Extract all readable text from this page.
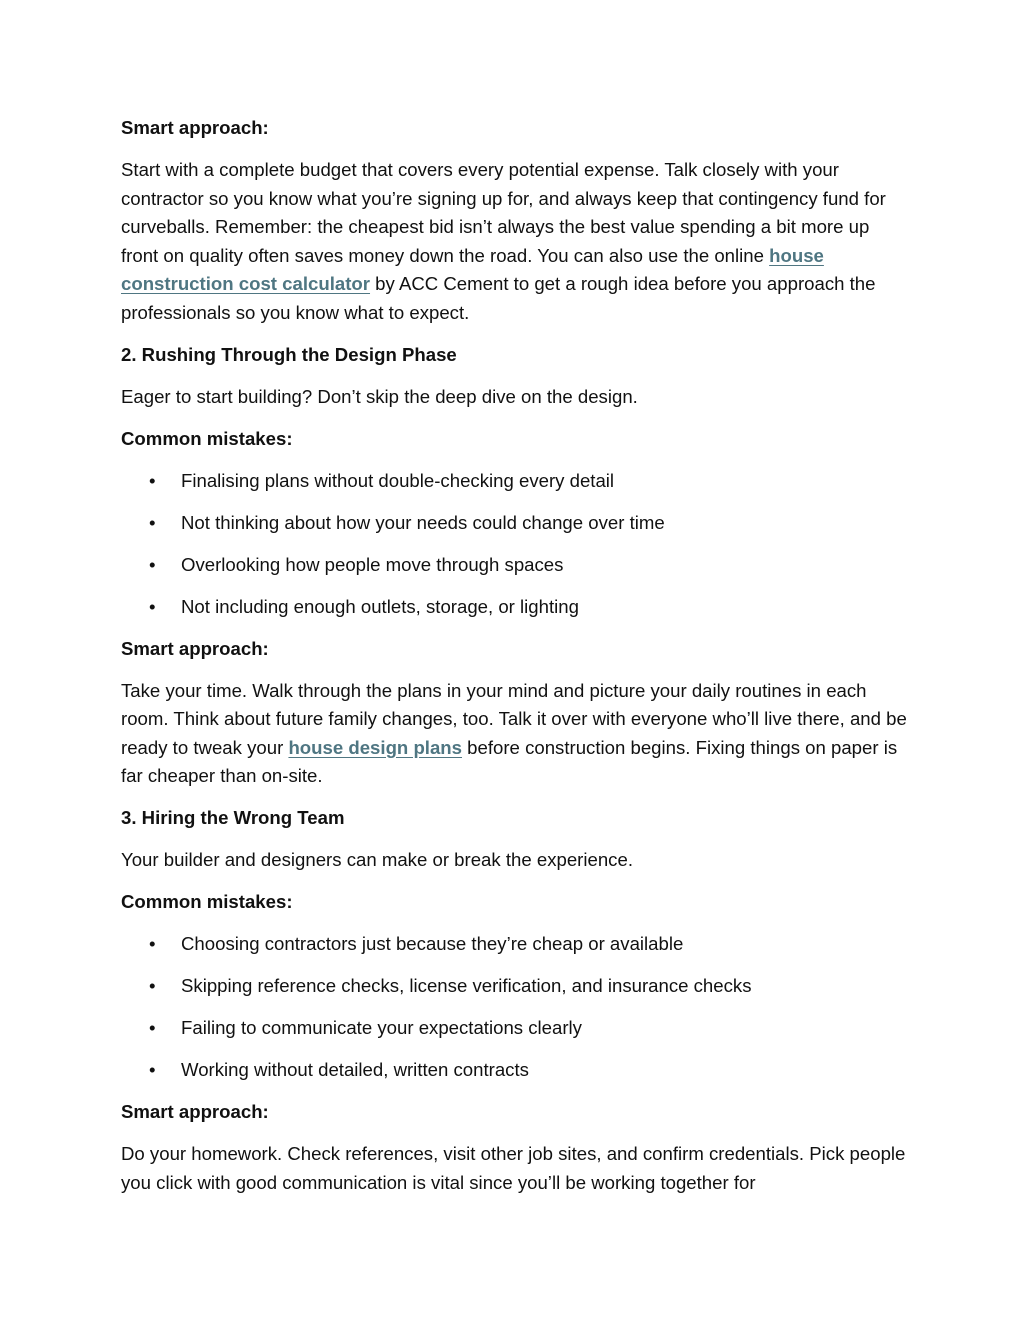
Smart approach:

Start with a complete budget that covers every potential expense. Talk closely with your contractor so you know what you’re signing up for, and always keep that contingency fund for curveballs. Remember: the cheapest bid isn’t always the best value spending a bit more up front on quality often saves money down the road. You can also use the online house construction cost calculator by ACC Cement to get a rough idea before you approach the professionals so you know what to expect.

2. Rushing Through the Design Phase

Eager to start building? Don’t skip the deep dive on the design.

Common mistakes:

• Finalising plans without double-checking every detail
• Not thinking about how your needs could change over time
• Overlooking how people move through spaces
• Not including enough outlets, storage, or lighting

Smart approach:

Take your time. Walk through the plans in your mind and picture your daily routines in each room. Think about future family changes, too. Talk it over with everyone who’ll live there, and be ready to tweak your house design plans before construction begins. Fixing things on paper is far cheaper than on-site.

3. Hiring the Wrong Team

Your builder and designers can make or break the experience.

Common mistakes:

• Choosing contractors just because they’re cheap or available
• Skipping reference checks, license verification, and insurance checks
• Failing to communicate your expectations clearly
• Working without detailed, written contracts

Smart approach:

Do your homework. Check references, visit other job sites, and confirm credentials. Pick people you click with good communication is vital since you’ll be working together for
